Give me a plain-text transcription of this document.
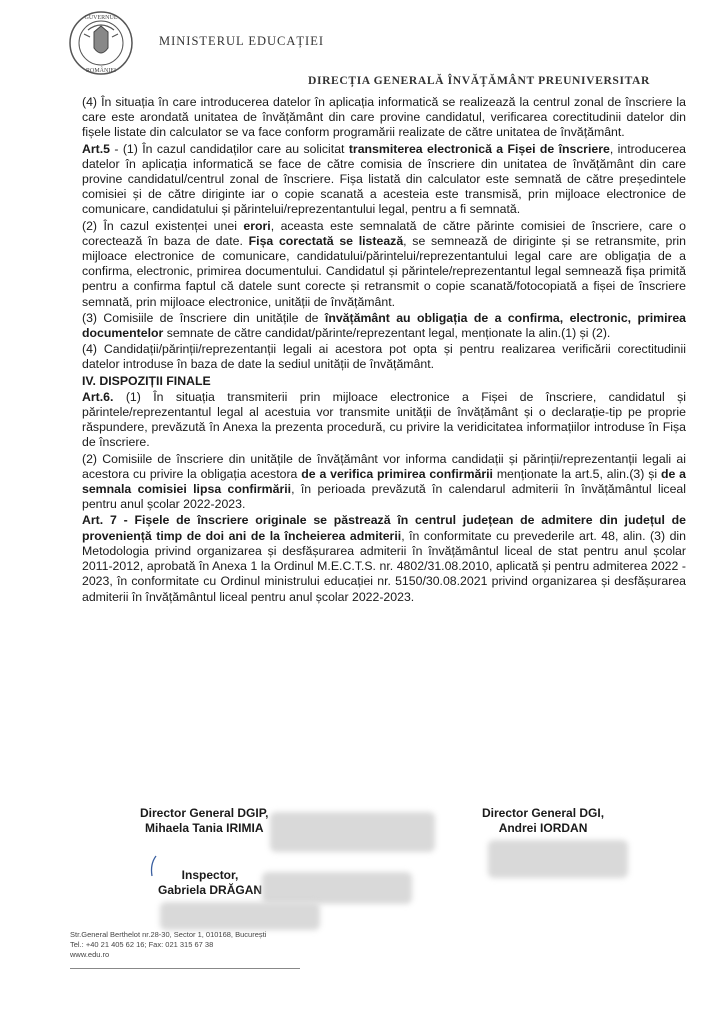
GUVERNUL
ROMÂNIEI
MINISTERUL EDUCAȚIEI
DIRECȚIA GENERALĂ ÎNVĂȚĂMÂNT PREUNIVERSITAR

(4) În situația în care introducerea datelor în aplicația informatică se realizează la centrul zonal de înscriere la care este arondată unitatea de învățământ din care provine candidatul, verificarea corectitudinii datelor din fișele listate din calculator se va face conform programării realizate de către unitatea de învățământ.

Art.5 - (1) În cazul candidaților care au solicitat transmiterea electronică a Fișei de înscriere, introducerea datelor în aplicația informatică se face de către comisia de înscriere din unitatea de învățământ din care provine candidatul/centrul zonal de înscriere. Fișa listată din calculator este semnată de către președintele comisiei și de către diriginte iar o copie scanată a acesteia este transmisă, prin mijloace electronice de comunicare, candidatului și părintelui/reprezentantului legal, pentru a fi semnată.

(2) În cazul existenței unei erori, aceasta este semnalată de către părinte comisiei de înscriere, care o corectează în baza de date. Fișa corectată se listează, se semnează de diriginte și se retransmite, prin mijloace electronice de comunicare, candidatului/părintelui/reprezentantului legal care are obligația de a confirma, electronic, primirea documentului. Candidatul și părintele/reprezentantul legal semnează fișa primită pentru a confirma faptul că datele sunt corecte și retransmit o copie scanată/fotocopiată a fișei de înscriere semnată, prin mijloace electronice, unității de învățământ.

(3) Comisiile de înscriere din unitățile de învățământ au obligația de a confirma, electronic, primirea documentelor semnate de către candidat/părinte/reprezentant legal, menționate la alin.(1) și (2).

(4) Candidații/părinții/reprezentanții legali ai acestora pot opta și pentru realizarea verificării corectitudinii datelor introduse în baza de date la sediul unității de învățământ.

IV. DISPOZIȚII FINALE

Art.6. (1) În situația transmiterii prin mijloace electronice a Fișei de înscriere, candidatul și părintele/reprezentantul legal al acestuia vor transmite unității de învățământ și o declarație-tip pe proprie răspundere, prevăzută în Anexa la prezenta procedură, cu privire la veridicitatea informațiilor introduse în Fișa de înscriere.

(2) Comisiile de înscriere din unitățile de învățământ vor informa candidații și părinții/reprezentanții legali ai acestora cu privire la obligația acestora de a verifica primirea confirmării menționate la art.5, alin.(3) și de a semnala comisiei lipsa confirmării, în perioada prevăzută în calendarul admiterii în învățământul liceal pentru anul școlar 2022-2023.

Art. 7 - Fișele de înscriere originale se păstrează în centrul județean de admitere din județul de proveniență timp de doi ani de la încheierea admiterii, în conformitate cu prevederile art. 48, alin. (3) din Metodologia privind organizarea și desfășurarea admiterii în învățământul liceal de stat pentru anul școlar 2011-2012, aprobată în Anexa 1 la Ordinul M.E.C.T.S. nr. 4802/31.08.2010, aplicată și pentru admiterea 2022 - 2023, în conformitate cu Ordinul ministrului educației nr. 5150/30.08.2021 privind organizarea și desfășurarea admiterii în învățământul liceal pentru anul școlar 2022-2023.

Director General DGIP,
Mihaela Tania IRIMIA
Director General DGI,
Andrei IORDAN
Inspector,
Gabriela DRĂGAN
Str.General Berthelot nr.28-30, Sector 1, 010168, București
Tel.: +40 21 405 62 16; Fax: 021 315 67 38
www.edu.ro
